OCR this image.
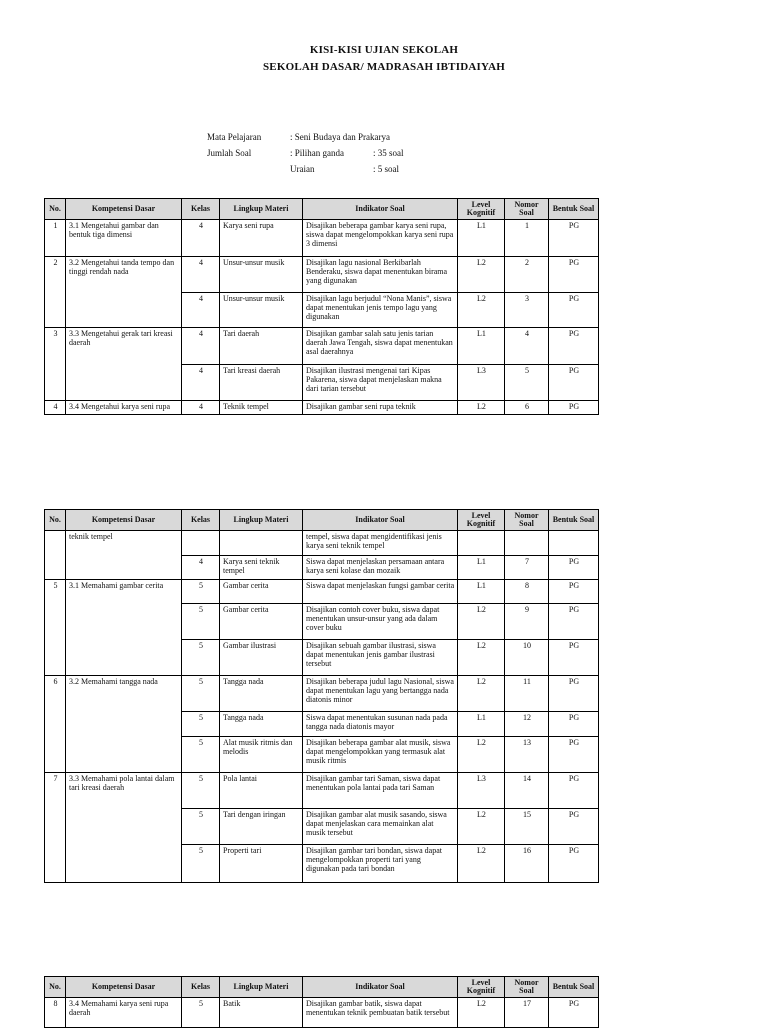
KISI-KISI UJIAN SEKOLAH
SEKOLAH DASAR/ MADRASAH IBTIDAIYAH
Mata Pelajaran	: Seni Budaya dan Prakarya
Jumlah Soal	: Pilihan ganda	: 35 soal
Uraian	: 5 soal
No.	Kompetensi Dasar	Kelas	Lingkup Materi	Indikator Soal	Level Kognitif	Nomor Soal	Bentuk Soal
1	3.1 Mengetahui gambar dan bentuk tiga dimensi	4	Karya seni rupa	Disajikan beberapa gambar karya seni rupa, siswa dapat mengelompokkan karya seni rupa 3 dimensi	L1	1	PG
2	3.2 Mengetahui tanda tempo dan tinggi rendah nada	4	Unsur-unsur musik	Disajikan lagu nasional Berkibarlah Benderaku, siswa dapat menentukan birama yang digunakan	L2	2	PG
		4	Unsur-unsur musik	Disajikan lagu berjudul “Nona Manis”, siswa dapat menentukan jenis tempo lagu yang digunakan	L2	3	PG
3	3.3 Mengetahui gerak tari kreasi daerah	4	Tari daerah	Disajikan gambar salah satu jenis tarian daerah Jawa Tengah, siswa dapat menentukan asal daerahnya	L1	4	PG
		4	Tari kreasi daerah	Disajikan ilustrasi mengenai tari Kipas Pakarena, siswa dapat menjelaskan makna dari tarian tersebut	L3	5	PG
4	3.4 Mengetahui karya seni rupa	4	Teknik tempel	Disajikan gambar seni rupa teknik	L2	6	PG
No.	Kompetensi Dasar	Kelas	Lingkup Materi	Indikator Soal	Level Kognitif	Nomor Soal	Bentuk Soal
	teknik tempel			tempel, siswa dapat mengidentifikasi jenis karya seni teknik tempel			
		4	Karya seni teknik tempel	Siswa dapat menjelaskan persamaan antara karya seni kolase dan mozaik	L1	7	PG
5	3.1 Memahami gambar cerita	5	Gambar cerita	Siswa dapat menjelaskan fungsi gambar cerita	L1	8	PG
		5	Gambar cerita	Disajikan contoh cover buku, siswa dapat menentukan unsur-unsur yang ada dalam cover buku	L2	9	PG
		5	Gambar ilustrasi	Disajikan sebuah gambar ilustrasi, siswa dapat menentukan jenis gambar ilustrasi tersebut	L2	10	PG
6	3.2 Memahami tangga nada	5	Tangga nada	Disajikan beberapa judul lagu Nasional, siswa dapat menentukan lagu yang bertangga nada diatonis minor	L2	11	PG
		5	Tangga nada	Siswa dapat menentukan susunan nada pada tangga nada diatonis mayor	L1	12	PG
		5	Alat musik ritmis dan melodis	Disajikan beberapa gambar alat musik, siswa dapat mengelompokkan yang termasuk alat musik ritmis	L2	13	PG
7	3.3 Memahami pola lantai dalam tari kreasi daerah	5	Pola lantai	Disajikan gambar tari Saman, siswa dapat menentukan pola lantai pada tari Saman	L3	14	PG
		5	Tari dengan iringan	Disajikan gambar alat musik sasando, siswa dapat menjelaskan cara memainkan alat musik tersebut	L2	15	PG
		5	Properti tari	Disajikan gambar tari bondan, siswa dapat mengelompokkan properti tari yang digunakan pada tari bondan	L2	16	PG
No.	Kompetensi Dasar	Kelas	Lingkup Materi	Indikator Soal	Level Kognitif	Nomor Soal	Bentuk Soal
8	3.4 Memahami karya seni rupa daerah	5	Batik	Disajikan gambar batik, siswa dapat menentukan teknik pembuatan batik tersebut	L2	17	PG
